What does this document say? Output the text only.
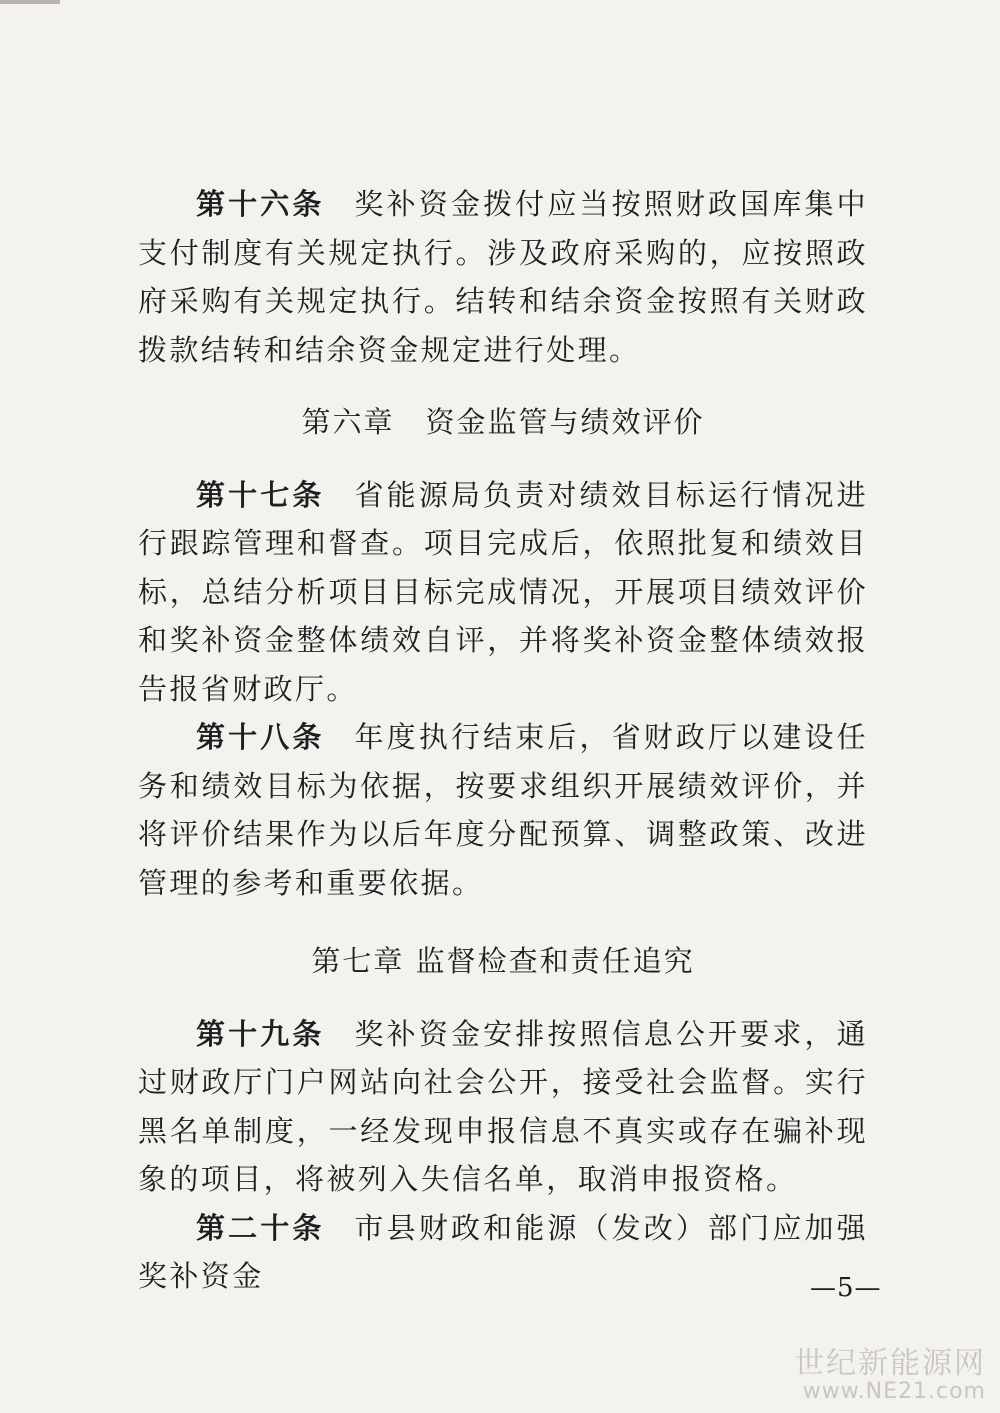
第十六条 奖补资金拨付应当按照财政国库集中支付制度有关规定执行。涉及政府采购的，应按照政府采购有关规定执行。结转和结余资金按照有关财政拨款结转和结余资金规定进行处理。

第六章　资金监管与绩效评价

第十七条 省能源局负责对绩效目标运行情况进行跟踪管理和督查。项目完成后，依照批复和绩效目标，总结分析项目目标完成情况，开展项目绩效评价和奖补资金整体绩效自评，并将奖补资金整体绩效报告报省财政厅。

第十八条 年度执行结束后，省财政厅以建设任务和绩效目标为依据，按要求组织开展绩效评价，并将评价结果作为以后年度分配预算、调整政策、改进管理的参考和重要依据。

第七章 监督检查和责任追究

第十九条 奖补资金安排按照信息公开要求，通过财政厅门户网站向社会公开，接受社会监督。实行黑名单制度，一经发现申报信息不真实或存在骗补现象的项目，将被列入失信名单，取消申报资格。

第二十条 市县财政和能源（发改）部门应加强奖补资金	—5—
世纪新能源网
www.NE21.com
